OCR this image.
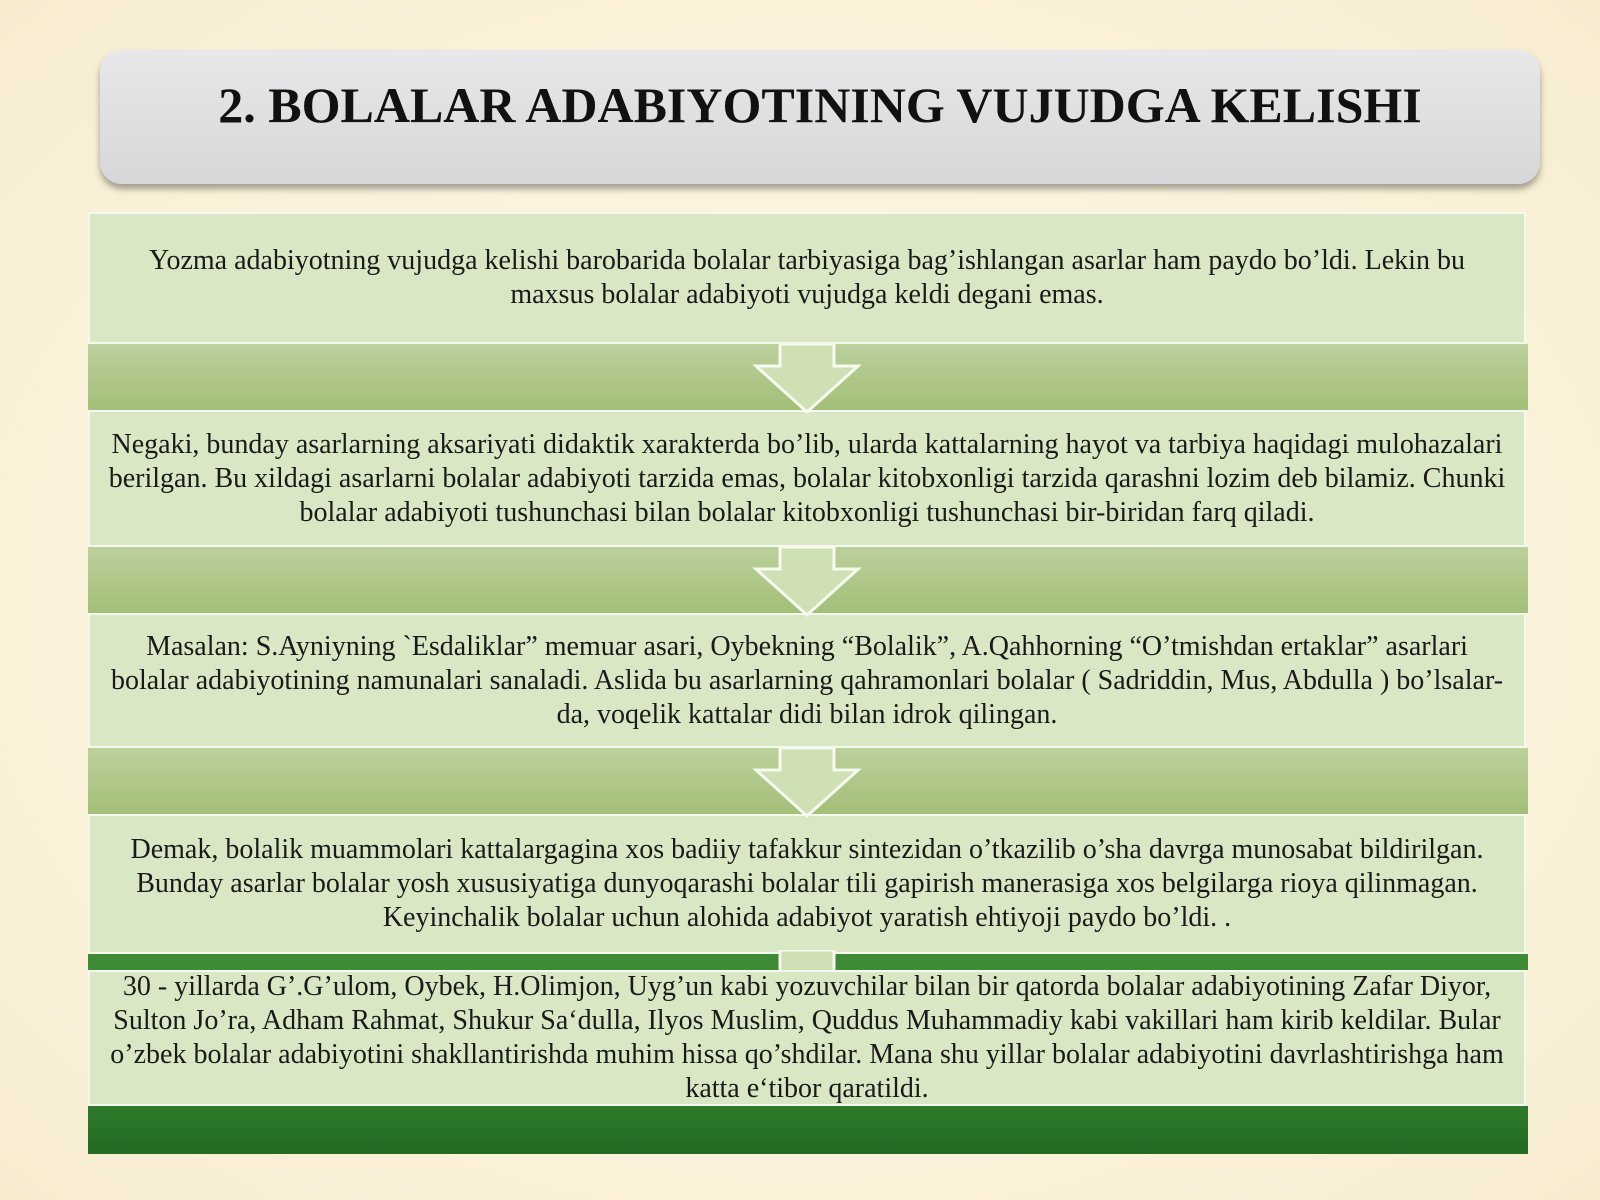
2. BOLALAR ADABIYOTINING VUJUDGA KELISHI

Yozma adabiyotning vujudga kelishi barobarida bolalar tarbiyasiga bag’ishlangan asarlar ham paydo bo’ldi. Lekin bu maxsus bolalar adabiyoti vujudga keldi degani emas.

Negaki, bunday asarlarning aksariyati didaktik xarakterda bo’lib, ularda kattalarning hayot va tarbiya haqidagi mulohazalari berilgan. Bu xildagi asarlarni bolalar adabiyoti tarzida emas, bolalar kitobxonligi tarzida qarashni lozim deb bilamiz. Chunki bolalar adabiyoti tushunchasi bilan bolalar kitobxonligi tushunchasi bir-biridan farq qiladi.

Masalan: S.Ayniyning `Esdaliklar” memuar asari, Oybekning “Bolalik”, A.Qahhorning “O’tmishdan ertaklar” asarlari bolalar adabiyotining namunalari sanaladi. Aslida bu asarlarning qahramonlari bolalar ( Sadriddin, Mus, Abdulla ) bo’lsalar-da, voqelik kattalar didi bilan idrok qilingan.

Demak, bolalik muammolari kattalargagina xos badiiy tafakkur sintezidan o’tkazilib o’sha davrga munosabat bildirilgan. Bunday asarlar bolalar yosh xususiyatiga dunyoqarashi bolalar tili gapirish manerasiga xos belgilarga rioya qilinmagan. Keyinchalik bolalar uchun alohida adabiyot yaratish ehtiyoji paydo bo’ldi. .

30 - yillarda G’.G’ulom, Oybek, H.Olimjon, Uyg’un kabi yozuvchilar bilan bir qatorda bolalar adabiyotining Zafar Diyor, Sulton Jo’ra, Adham Rahmat, Shukur Sa‘dulla, Ilyos Muslim, Quddus Muhammadiy kabi vakillari ham kirib keldilar. Bular o’zbek bolalar adabiyotini shakllantirishda muhim hissa qo’shdilar. Mana shu yillar bolalar adabiyotini davrlashtirishga ham katta e‘tibor qaratildi.
